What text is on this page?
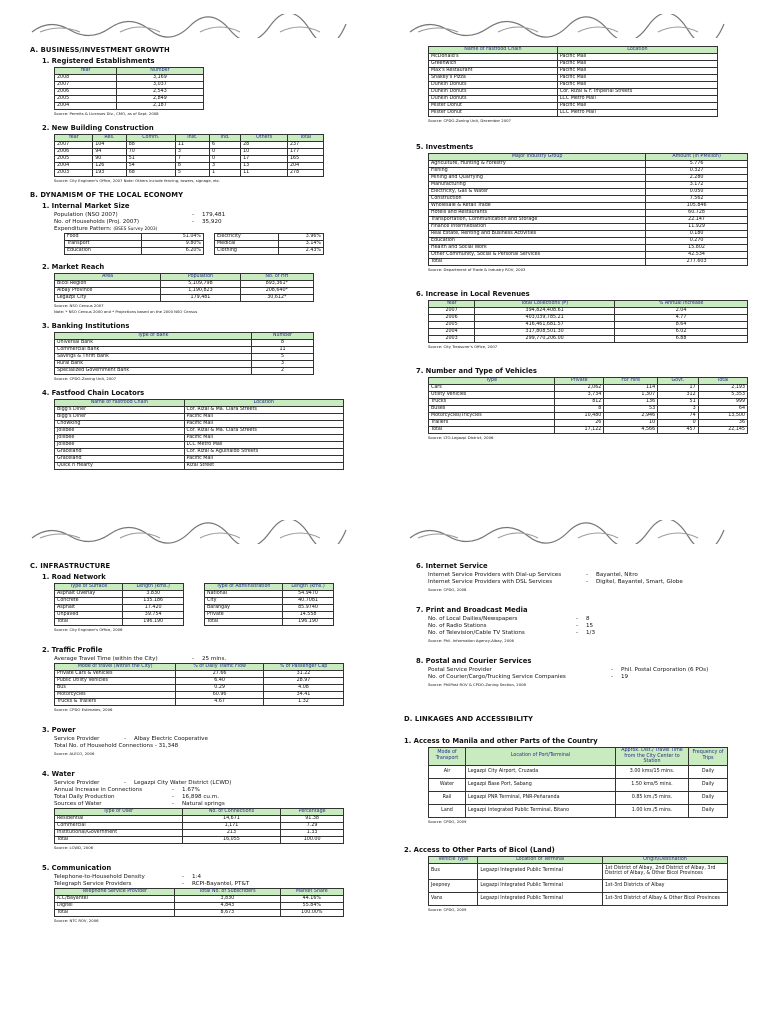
A. BUSINESS/INVESTMENT GROWTH
1. Registered Establishments
Year	Number
2008	3,169
2007	3,037
2006	2,543
2005	2,849
2004	2,187
Source: Permits & Licenses Div., CMO, as of Sept. 2008
2. New Building Construction
Year	Res.	Comm.	Inst.	Ind.	Others	Total
2007	104	88	11	6	28	237
2006	94	70	3	0	10	177
2005	90	51	7	0	17	165
2004	126	54	8	3	13	204
2003	193	68	5	1	11	278
Source: City Engineer's Office, 2007 Note: Others include fencing, towers, signage, etc.
B. DYNAMISM OF THE LOCAL ECONOMY
1. Internal Market Size
Population (NSO 2007)	- 179,481
No. of Households (Proj. 2007)	- 35,920
Expenditure Pattern: (BSES Survey 2003)
Food	51.04%
Transport	9.80%
Education	6.20%
Electricity	3.96%
Medical	3.14%
Clothing	2.43%
2. Market Reach
Area	Population	No. of HH
Bicol Region	5,109,798	893,361*
Albay Province	1,190,823	208,640*
Legazpi City	179,481	30,612*
Source: NSO Census 2007
Note: * NSO Census 2000 and * Projections based on the 2000 NSO Census
3. Banking Institutions
Type of Bank	Number
Universal Bank	8
Commercial Bank	11
Savings & Thrift Bank	5
Rural Bank	3
Specialized Government Bank	2
Source: CPDO-Zoning Unit, 2007
4. Fastfood Chain Locators
Name of Fastfood Chain	Location
Bigg's Diner	Cor. Rizal & Ma. Clara Streets
Bigg's Diner	Pacific Mall
Chowking	Pacific Mall
Jollibee	Cor. Rizal & Ma. Clara Streets
Jollibee	Pacific Mall
Jollibee	LCC Metro Mall
Graceland	Cor. Rizal & Aguinaldo Streets
Graceland	Pacific Mall
Quick n Hearty	Rizal Street
Name of Fastfood Chain	Location
McDonald's	Pacific Mall
Greenwich	Pacific Mall
Max's Restaurant	Pacific Mall
Shakey's Pizza	Pacific Mall
Dunkin Donuts	Pacific Mall
Dunkin Donuts	Cor. Rizal & F. Imperial Streets
Dunkin Donuts	LCC Metro Mall
Mister Donut	Pacific Mall
Mister Donut	LCC Metro Mall
Source: CPDO-Zoning Unit, December 2007
5. Investments
Major Industry Group	Amount (in ₱Million)
Agriculture, Hunting & Forestry	5.776
Fishing	0.327
Mining and Quarrying	2.280
Manufacturing	3.172
Electricity, Gas & Water	0.050
Construction	7.562
Wholesale & Retail Trade	105.846
Hotels and Restaurants	60.728
Transportation, Communication and Storage	22.147
Finance Intermediation	11.929
Real Estate, Renting and Business Activities	0.180
Education	0.270
Health and Social Work	15.802
Other Community, Social & Personal Services	42.534
Total	277.603
Source: Department of Trade & Industry ROV, 2003
6. Increase in Local Revenues
Year	Total Collections (₱)	% Annual Increase
2007	394,824,408.61	2.04
2006	403,039,785.21	4.77
2005	416,461,681.57	8.64
2004	317,808,501.30	6.02
2003	299,770,206.00	6.88
Source: City Treasurer's Office, 2007
7. Number and Type of Vehicles
Type	Private	For Hire	Govt.	Total
Cars	2,062	114	17	2,193
Utility Vehicles	3,734	1,307	312	5,353
Trucks	812	136	51	999
Buses	8	53	3	64
Motorcycles/Tricycles	10,480	2,946	74	13,500
Trailers	26	10	0	36
Total	17,122	4,566	457	22,145
Source: LTO-Legazpi District, 2006
C. INFRASTRUCTURE
1. Road Network
Type of Surface	Length (kms.)
Asphalt Overlay	3.830
Concrete	135.186
Asphalt	17.420
Unpaved	39.754
Total	196.190
Type of Administration	Length (kms.)
National	54.9470
City	40.7081
Barangay	85.9740
Private	14.558
Total	196.190
Source: City Engineer's Office, 2006
2. Traffic Profile
Average Travel Time (within the City)	- 25 mins.
Mode of travel (within the City)	% of Daily Traffic Flow	% of Passenger Cap
Private Cars & Vehicles	27.66	31.22
Public Utility Vehicles	6.40	28.97
Bus	0.29	4.08
Motorcycles	60.96	34.41
Trucks & Trailers	4.67	1.32
Source: CPDO Estimates, 2006
3. Power
Service Provider	- Albay Electric Cooperative
Total No. of Household Connections - 31,348
Source: ALECO, 2006
4. Water
Service Provider	- Legazpi City Water District (LCWD)
Annual Increase in Connections	- 1.67%
Total Daily Production	- 16,898 cu.m.
Sources of Water	- Natural springs
Type of User	No. of Connections	Percentage
Residential	14,671	91.38
Commercial	1,171	7.29
Institutional/Government	213	1.33
Total	16,055	100.00
Source: LCWD, 2006
5. Communication
Telephone-to-Household Density	- 1:4
Telegraph Service Providers	- RCPI-Bayantel, PT&T
Telephone Service Provider	Total No. of Subscribers	Market Share
ICC/Bayantel	3,830	44.16%
Digitel	4,843	55.84%
Total	8,673	100.00%
Source: NTC ROV, 2006
6. Internet Service
Internet Service Providers with Dial-up Services	- Bayantel, Nitro
Internet Service Providers with DSL Services	- Digitel, Bayantel, Smart, Globe
Source: CPDO, 2008
7. Print and Broadcast Media
No. of Local Dailies/Newspapers	- 8
No. of Radio Stations	- 15
No. of Television/Cable TV Stations	- 1/3
Source: Phil. Information Agency-Albay, 2006
8. Postal and Courier Services
Postal Service Provider	- Phil. Postal Corporation (6 POs)
No. of Courier/Cargo/Trucking Service Companies	- 19
Source: PhilPost ROV & CPDO-Zoning Section, 2008
D. LINKAGES AND ACCESSIBILITY
1. Access to Manila and other Parts of the Country
Mode of Transport	Location of Port/Terminal	Approx. Dist./ Travel Time from the City Center to Station	Frequency of Trips
Air	Legazpi City Airport, Cruzada	3.00 kms/15 mins.	Daily
Water	Legazpi Base Port, Sabang	1.50 kms/5 mins.	Daily
Rail	Legazpi PNR Terminal, PNR-Peñaranda	0.85 km./5 mins.	Daily
Land	Legazpi Integrated Public Terminal, Bitano	1.00 km./5 mins.	Daily
Source: CPDO, 2009
2. Access to Other Parts of Bicol (Land)
Vehicle Type	Location of Terminal	Origin/Destination
Bus	Legazpi Integrated Public Terminal	1st District of Albay, 2nd District of Albay, 3rd District of Albay, & Other Bicol Provinces
Jeepney	Legazpi Integrated Public Terminal	1st-3rd Districts of Albay
Vans	Legazpi Integrated Public Terminal	1st-3rd District of Albay & Other Bicol Provinces
Source: CPDO, 2009
